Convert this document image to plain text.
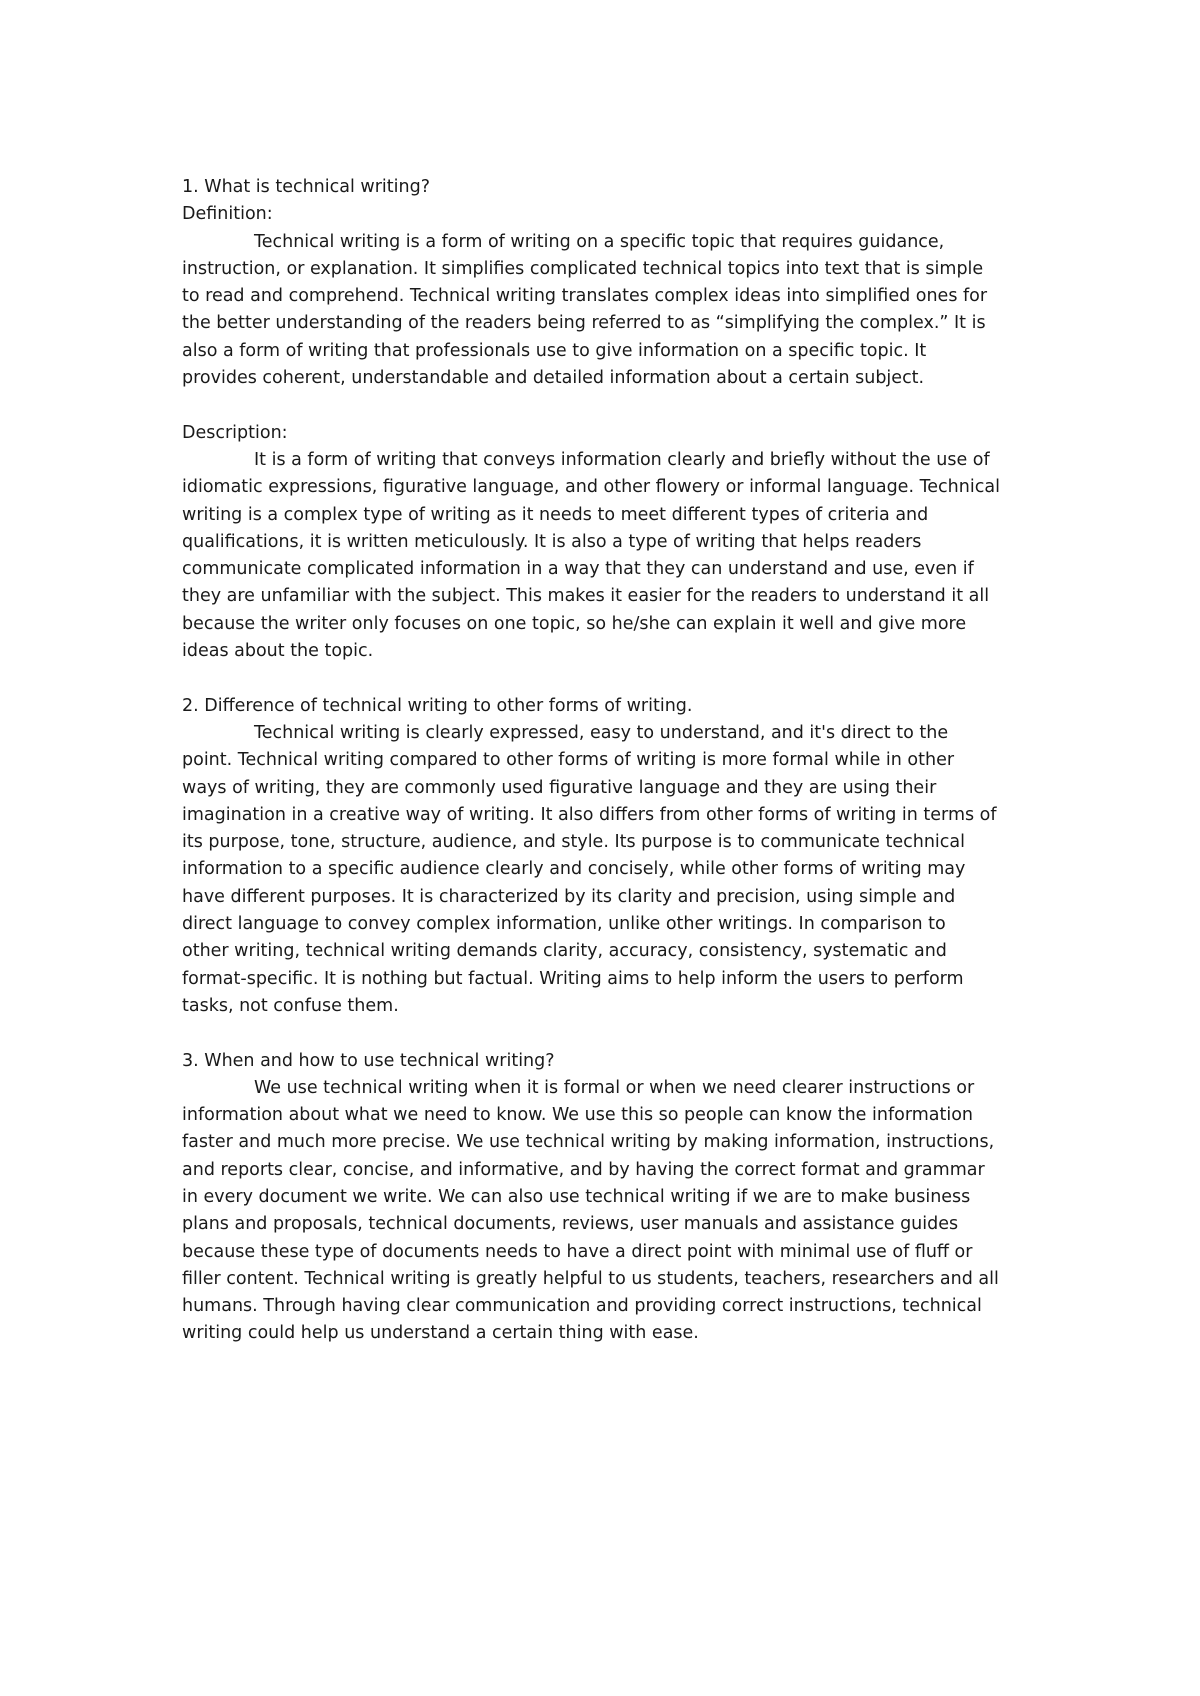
1. What is technical writing?
Definition:
Technical writing is a form of writing on a specific topic that requires guidance,
instruction, or explanation. It simplifies complicated technical topics into text that is simple
to read and comprehend. Technical writing translates complex ideas into simplified ones for
the better understanding of the readers being referred to as “simplifying the complex.” It is
also a form of writing that professionals use to give information on a specific topic. It
provides coherent, understandable and detailed information about a certain subject.
Description:
It is a form of writing that conveys information clearly and briefly without the use of
idiomatic expressions, figurative language, and other flowery or informal language. Technical
writing is a complex type of writing as it needs to meet different types of criteria and
qualifications, it is written meticulously. It is also a type of writing that helps readers
communicate complicated information in a way that they can understand and use, even if
they are unfamiliar with the subject. This makes it easier for the readers to understand it all
because the writer only focuses on one topic, so he/she can explain it well and give more
ideas about the topic.
2. Difference of technical writing to other forms of writing.
Technical writing is clearly expressed, easy to understand, and it's direct to the
point. Technical writing compared to other forms of writing is more formal while in other
ways of writing, they are commonly used figurative language and they are using their
imagination in a creative way of writing. It also differs from other forms of writing in terms of
its purpose, tone, structure, audience, and style. Its purpose is to communicate technical
information to a specific audience clearly and concisely, while other forms of writing may
have different purposes. It is characterized by its clarity and precision, using simple and
direct language to convey complex information, unlike other writings. In comparison to
other writing, technical writing demands clarity, accuracy, consistency, systematic and
format-specific. It is nothing but factual. Writing aims to help inform the users to perform
tasks, not confuse them.
3. When and how to use technical writing?
We use technical writing when it is formal or when we need clearer instructions or
information about what we need to know. We use this so people can know the information
faster and much more precise. We use technical writing by making information, instructions,
and reports clear, concise, and informative, and by having the correct format and grammar
in every document we write. We can also use technical writing if we are to make business
plans and proposals, technical documents, reviews, user manuals and assistance guides
because these type of documents needs to have a direct point with minimal use of fluff or
filler content. Technical writing is greatly helpful to us students, teachers, researchers and all
humans. Through having clear communication and providing correct instructions, technical
writing could help us understand a certain thing with ease.
